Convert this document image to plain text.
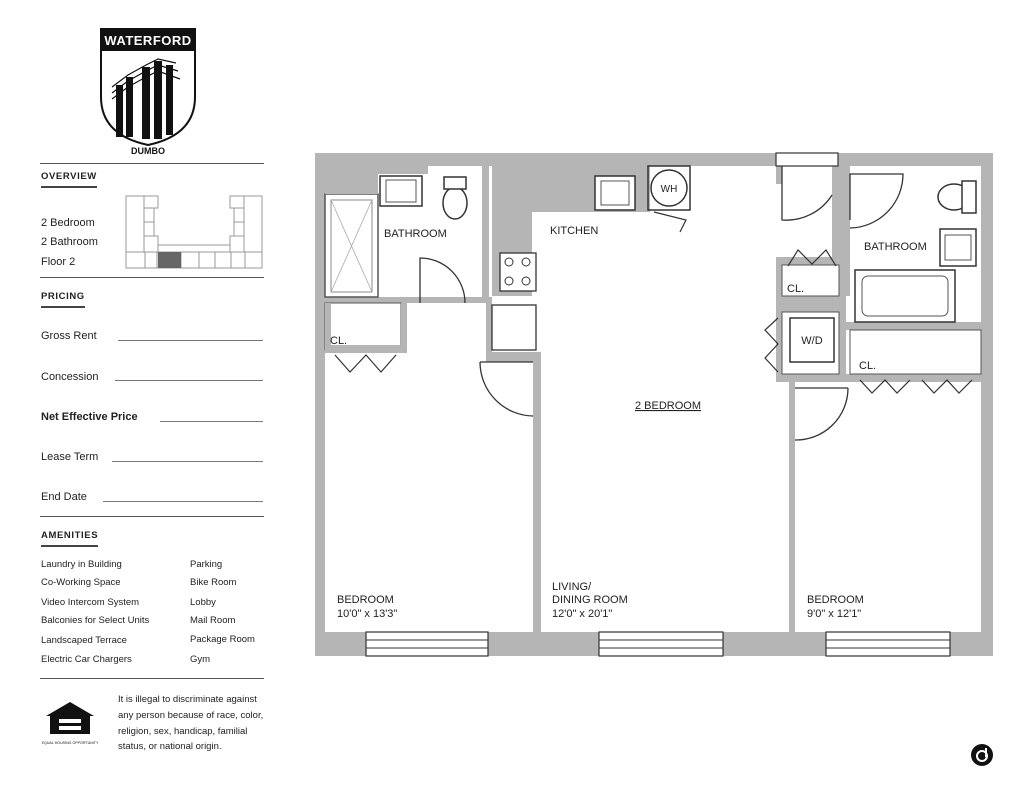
WATERFORD
DUMBO
OVERVIEW
2 Bedroom
2 Bathroom
Floor 2
PRICING
Gross Rent
Concession
Net Effective Price
Lease Term
End Date
AMENITIES
Laundry in Building
Co-Working Space
Video Intercom System
Balconies for Select Units
Landscaped Terrace
Electric Car Chargers
Parking
Bike Room
Lobby
Mail Room
Package Room
Gym
EQUAL HOUSING OPPORTUNITY
It is illegal to discriminate against any person because of race, color, religion, sex, handicap, familial status, or national origin.
BATHROOM	KITCHEN
WH
BATHROOM
CL.
CL.
W/D
CL.
2 BEDROOM
BEDROOM
10'0" x 13'3"
LIVING/
DINING ROOM
12'0" x 20'1"
BEDROOM
9'0" x 12'1"
